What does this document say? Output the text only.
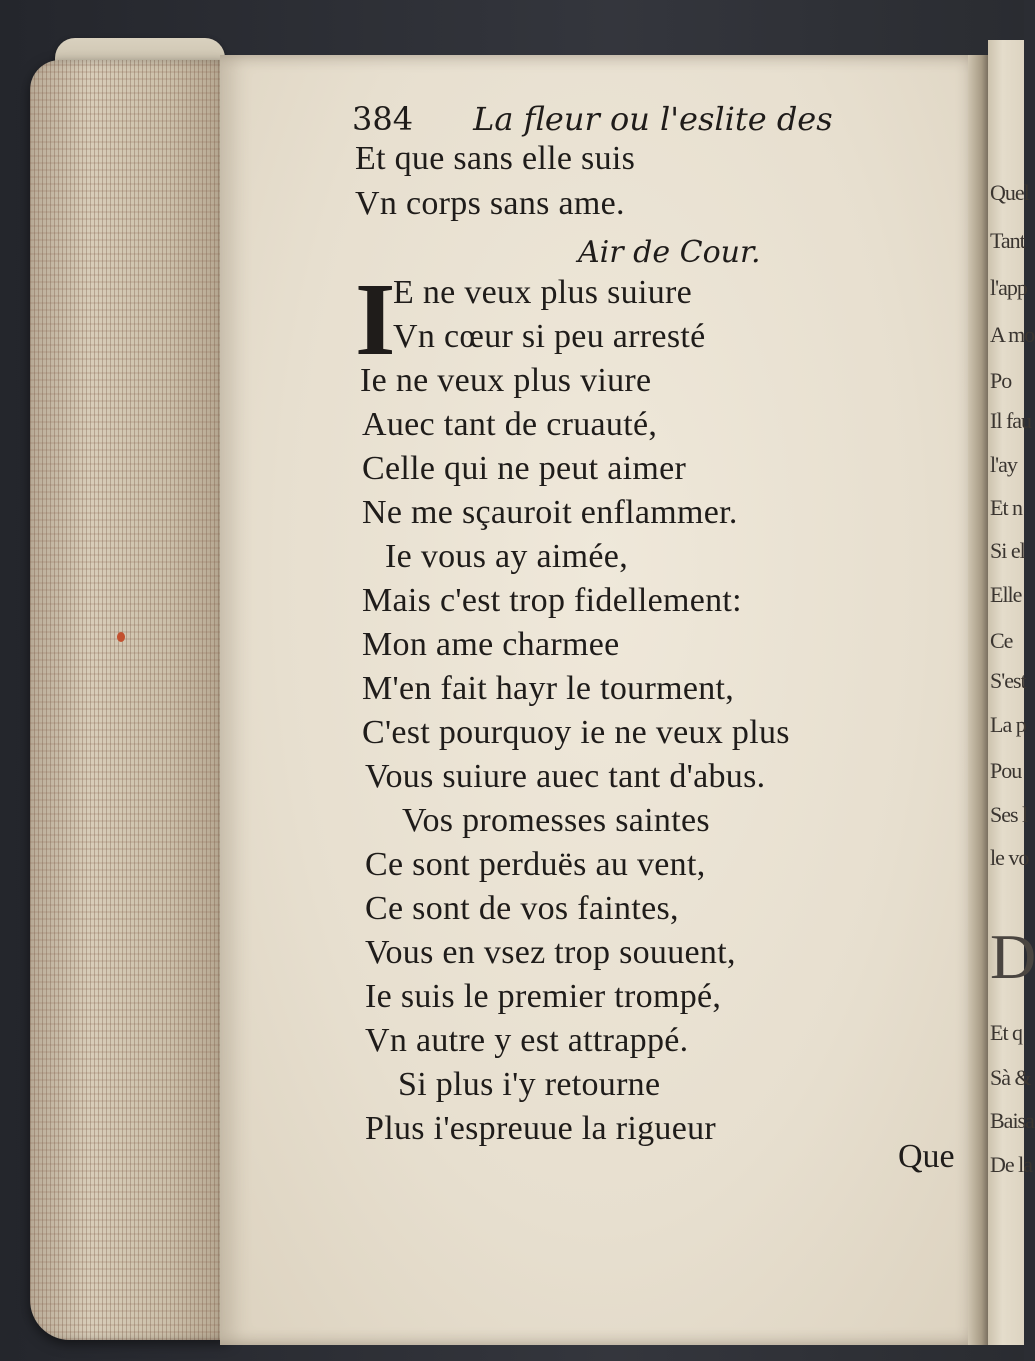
Quel
Tant
l'app
A mo
Po
Il fau
l'ay
Et n
Si el
Elle
Ce
S'est
La p
Pou
Ses l
le vo
D
Et q
Sà &
Baisa
De la
384 La fleur ou l'eslite des
Et que sans elle suis
Vn corps sans ame.
Air de Cour.
I
E ne veux plus suiure
Vn cœur si peu arresté
Ie ne veux plus viure
Auec tant de cruauté,
Celle qui ne peut aimer
Ne me sçauroit enflammer.
Ie vous ay aimée,
Mais c'est trop fidellement:
Mon ame charmee
M'en fait hayr le tourment,
C'est pourquoy ie ne veux plus
Vous suiure auec tant d'abus.
Vos promesses saintes
Ce sont perduës au vent,
Ce sont de vos faintes,
Vous en vsez trop souuent,
Ie suis le premier trompé,
Vn autre y est attrappé.
Si plus i'y retourne
Plus i'espreuue la rigueur
Que
